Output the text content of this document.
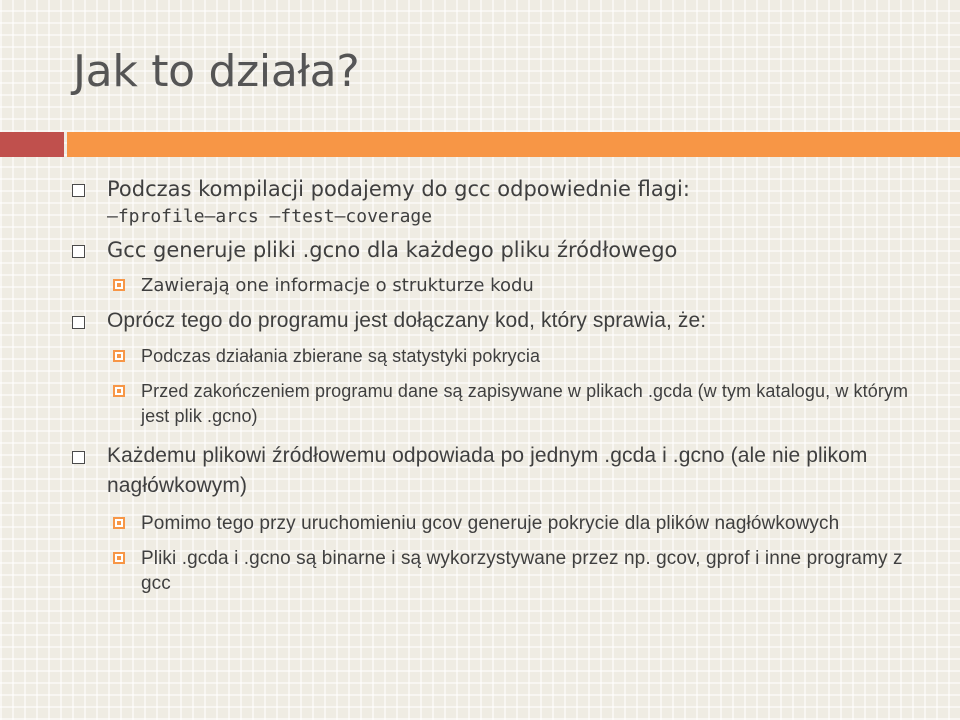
Jak to działa?
Podczas kompilacji podajemy do gcc odpowiednie flagi:
–fprofile–arcs –ftest–coverage
Gcc generuje pliki .gcno dla każdego pliku źródłowego
Zawierają one informacje o strukturze kodu
Oprócz tego do programu jest dołączany kod, który sprawia, że:
Podczas działania zbierane są statystyki pokrycia
Przed zakończeniem programu dane są zapisywane w plikach .gcda (w tym katalogu, w którym jest plik .gcno)
Każdemu plikowi źródłowemu odpowiada po jednym .gcda i .gcno (ale nie plikom nagłówkowym)
Pomimo tego przy uruchomieniu gcov generuje pokrycie dla plików nagłówkowych
Pliki .gcda i .gcno są binarne i są wykorzystywane przez np. gcov, gprof i inne programy z gcc
